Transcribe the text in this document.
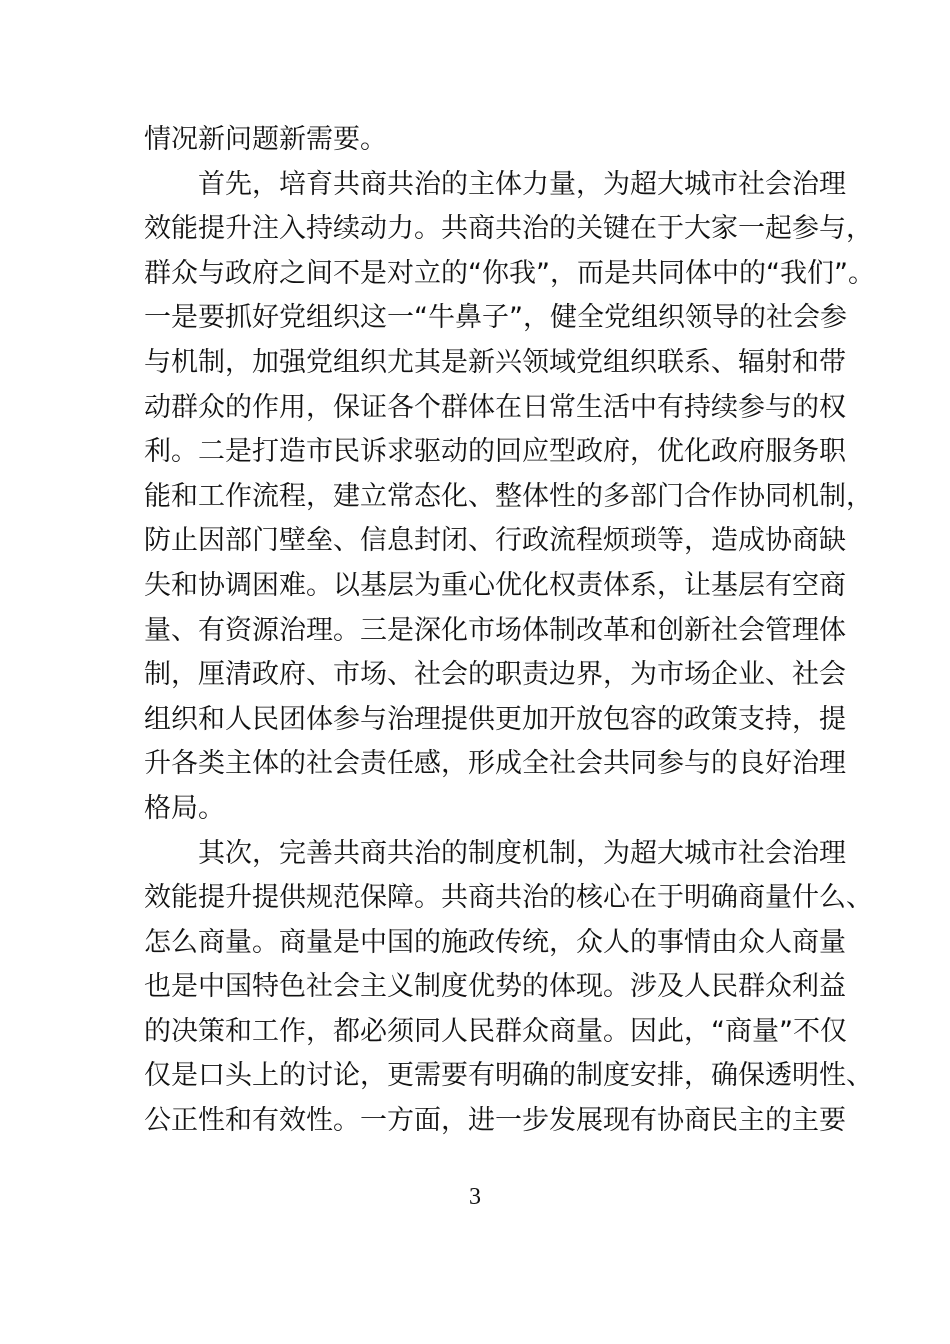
情况新问题新需要。
首先，培育共商共治的主体力量，为超大城市社会治理
效能提升注入持续动力。共商共治的关键在于大家一起参与，
群众与政府之间不是对立的“你我”，而是共同体中的“我们”。
一是要抓好党组织这一“牛鼻子”，健全党组织领导的社会参
与机制，加强党组织尤其是新兴领域党组织联系、辐射和带
动群众的作用，保证各个群体在日常生活中有持续参与的权
利。二是打造市民诉求驱动的回应型政府，优化政府服务职
能和工作流程，建立常态化、整体性的多部门合作协同机制，
防止因部门壁垒、信息封闭、行政流程烦琐等，造成协商缺
失和协调困难。以基层为重心优化权责体系，让基层有空商
量、有资源治理。三是深化市场体制改革和创新社会管理体
制，厘清政府、市场、社会的职责边界，为市场企业、社会
组织和人民团体参与治理提供更加开放包容的政策支持，提
升各类主体的社会责任感，形成全社会共同参与的良好治理
格局。
其次，完善共商共治的制度机制，为超大城市社会治理
效能提升提供规范保障。共商共治的核心在于明确商量什么、
怎么商量。商量是中国的施政传统，众人的事情由众人商量
也是中国特色社会主义制度优势的体现。涉及人民群众利益
的决策和工作，都必须同人民群众商量。因此，“商量”不仅
仅是口头上的讨论，更需要有明确的制度安排，确保透明性、
公正性和有效性。一方面，进一步发展现有协商民主的主要
3
